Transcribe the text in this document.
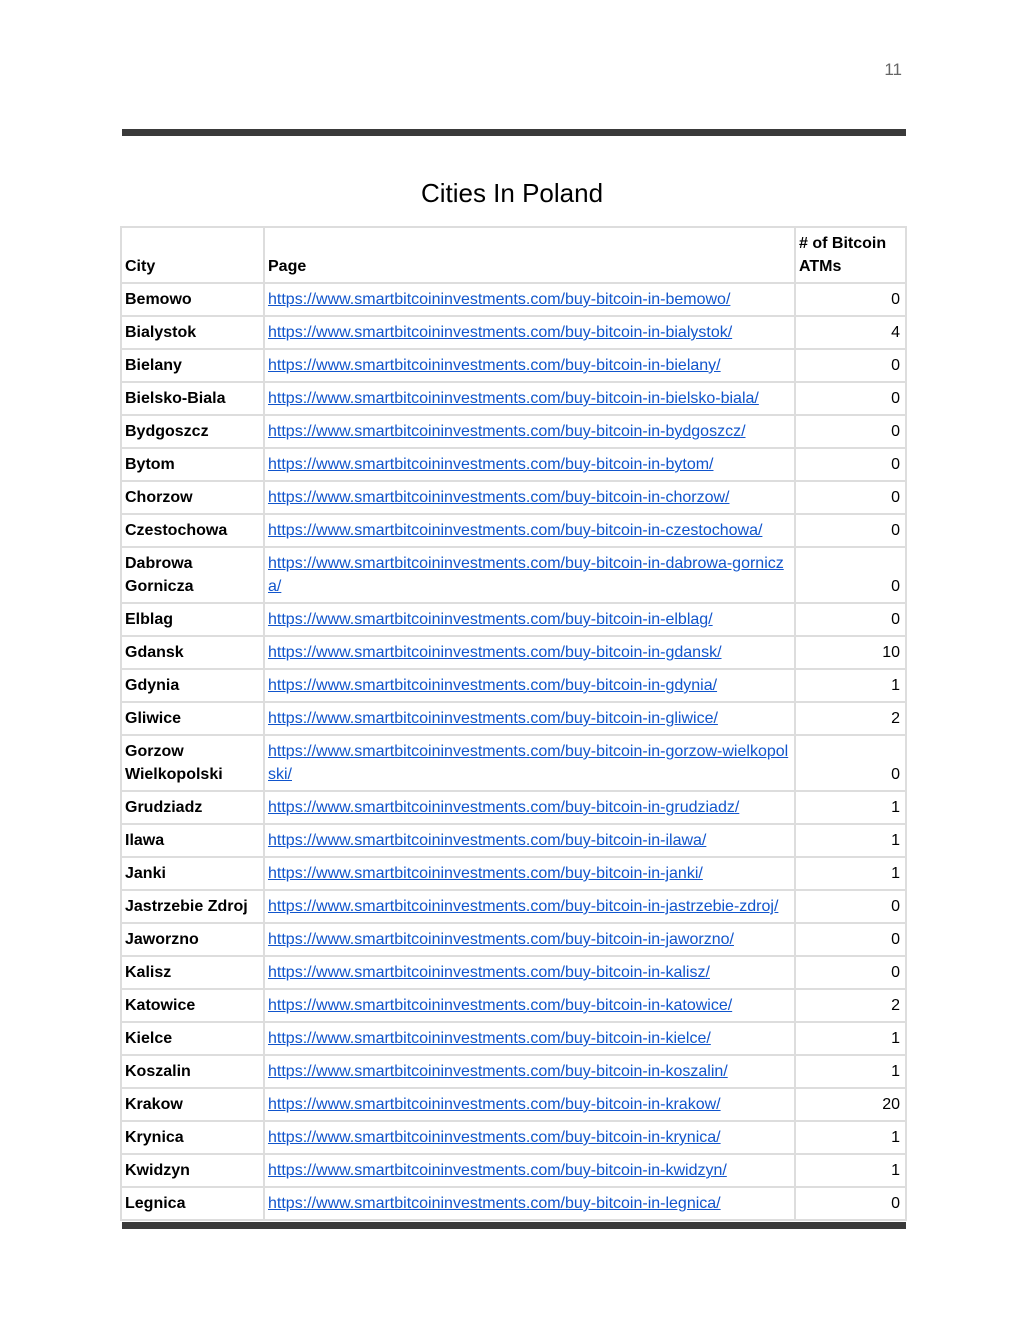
11
Cities In Poland
City	Page	# of Bitcoin ATMs
Bemowo	https://www.smartbitcoininvestments.com/buy-bitcoin-in-bemowo/	0
Bialystok	https://www.smartbitcoininvestments.com/buy-bitcoin-in-bialystok/	4
Bielany	https://www.smartbitcoininvestments.com/buy-bitcoin-in-bielany/	0
Bielsko-Biala	https://www.smartbitcoininvestments.com/buy-bitcoin-in-bielsko-biala/	0
Bydgoszcz	https://www.smartbitcoininvestments.com/buy-bitcoin-in-bydgoszcz/	0
Bytom	https://www.smartbitcoininvestments.com/buy-bitcoin-in-bytom/	0
Chorzow	https://www.smartbitcoininvestments.com/buy-bitcoin-in-chorzow/	0
Czestochowa	https://www.smartbitcoininvestments.com/buy-bitcoin-in-czestochowa/	0
Dabrowa Gornicza	https://www.smartbitcoininvestments.com/buy-bitcoin-in-dabrowa-gornicza/	0
Elblag	https://www.smartbitcoininvestments.com/buy-bitcoin-in-elblag/	0
Gdansk	https://www.smartbitcoininvestments.com/buy-bitcoin-in-gdansk/	10
Gdynia	https://www.smartbitcoininvestments.com/buy-bitcoin-in-gdynia/	1
Gliwice	https://www.smartbitcoininvestments.com/buy-bitcoin-in-gliwice/	2
Gorzow Wielkopolski	https://www.smartbitcoininvestments.com/buy-bitcoin-in-gorzow-wielkopolski/	0
Grudziadz	https://www.smartbitcoininvestments.com/buy-bitcoin-in-grudziadz/	1
Ilawa	https://www.smartbitcoininvestments.com/buy-bitcoin-in-ilawa/	1
Janki	https://www.smartbitcoininvestments.com/buy-bitcoin-in-janki/	1
Jastrzebie Zdroj	https://www.smartbitcoininvestments.com/buy-bitcoin-in-jastrzebie-zdroj/	0
Jaworzno	https://www.smartbitcoininvestments.com/buy-bitcoin-in-jaworzno/	0
Kalisz	https://www.smartbitcoininvestments.com/buy-bitcoin-in-kalisz/	0
Katowice	https://www.smartbitcoininvestments.com/buy-bitcoin-in-katowice/	2
Kielce	https://www.smartbitcoininvestments.com/buy-bitcoin-in-kielce/	1
Koszalin	https://www.smartbitcoininvestments.com/buy-bitcoin-in-koszalin/	1
Krakow	https://www.smartbitcoininvestments.com/buy-bitcoin-in-krakow/	20
Krynica	https://www.smartbitcoininvestments.com/buy-bitcoin-in-krynica/	1
Kwidzyn	https://www.smartbitcoininvestments.com/buy-bitcoin-in-kwidzyn/	1
Legnica	https://www.smartbitcoininvestments.com/buy-bitcoin-in-legnica/	0
